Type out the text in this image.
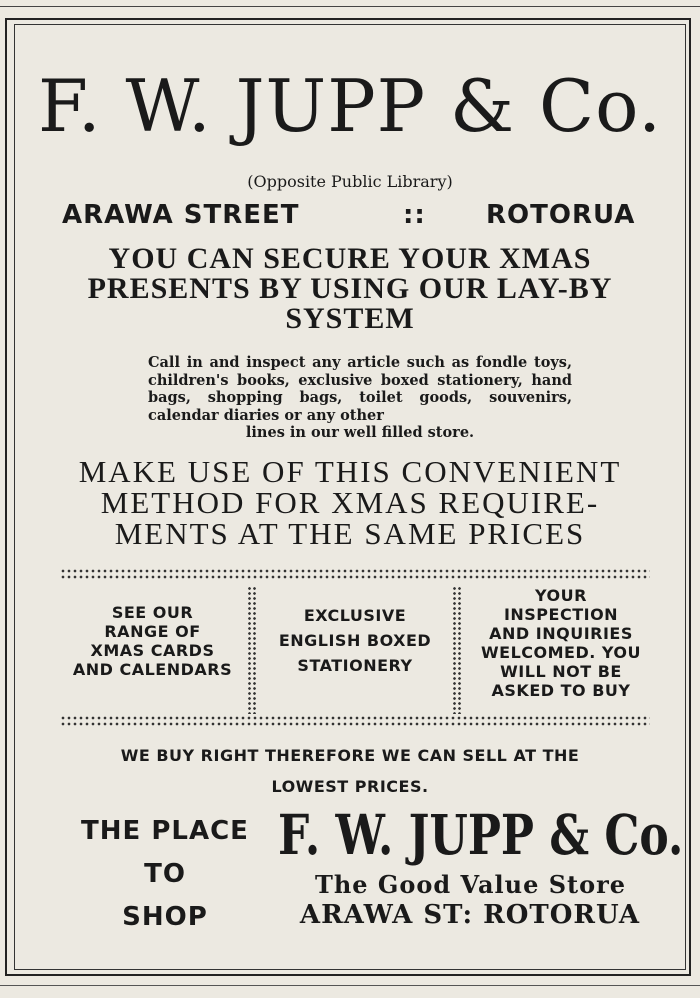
F. W. JUPP & Co.
(Opposite Public Library)
ARAWA STREET	:: ROTORUA
YOU CAN SECURE YOUR XMAS
PRESENTS BY USING OUR LAY-BY
SYSTEM
Call in and inspect any article such as fondle toys, children's books, exclusive boxed stationery, hand bags, shopping bags, toilet goods, souvenirs, calendar diaries or any other
lines in our well filled store.
MAKE USE OF THIS CONVENIENT
METHOD FOR XMAS REQUIRE-
MENTS AT THE SAME PRICES
SEE OUR
RANGE OF
XMAS CARDS
AND CALENDARS
EXCLUSIVE
ENGLISH BOXED
STATIONERY
YOUR
INSPECTION
AND INQUIRIES
WELCOMED. YOU
WILL NOT BE
ASKED TO BUY
WE BUY RIGHT THEREFORE WE CAN SELL AT THE
LOWEST PRICES.
THE PLACE
TO
SHOP
F. W. JUPP & Co.
The Good Value Store
ARAWA ST: ROTORUA
